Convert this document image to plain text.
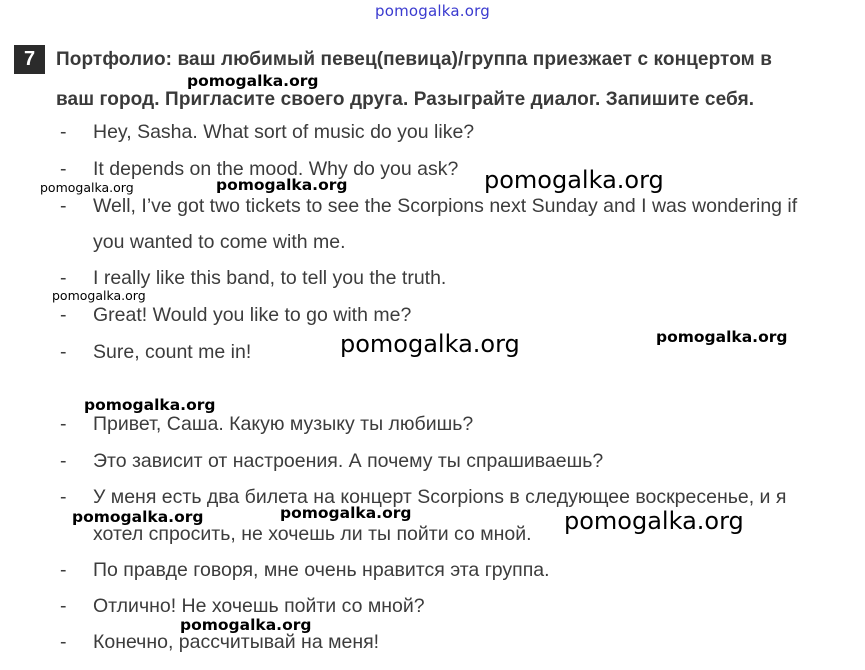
pomogalka.org
7	Портфолио: ваш любимый певец(певица)/группа приезжает с концертом в
ваш город. Пригласите своего друга. Разыграйте диалог. Запишите себя.
- Hey, Sasha. What sort of music do you like?
- It depends on the mood. Why do you ask?
- Well, I’ve got two tickets to see the Scorpions next Sunday and I was wondering if
you wanted to come with me.
- I really like this band, to tell you the truth.
- Great! Would you like to go with me?
- Sure, count me in!
- Привет, Саша. Какую музыку ты любишь?
- Это зависит от настроения. А почему ты спрашиваешь?
- У меня есть два билета на концерт Scorpions в следующее воскресенье, и я
хотел спросить, не хочешь ли ты пойти со мной.
- По правде говоря, мне очень нравится эта группа.
- Отлично! Не хочешь пойти со мной?
- Конечно, рассчитывай на меня!
pomogalka.org
pomogalka.org	pomogalka.org	pomogalka.org
pomogalka.org
pomogalka.org
pomogalka.org
pomogalka.org
pomogalka.org	pomogalka.org	pomogalka.org
pomogalka.org
